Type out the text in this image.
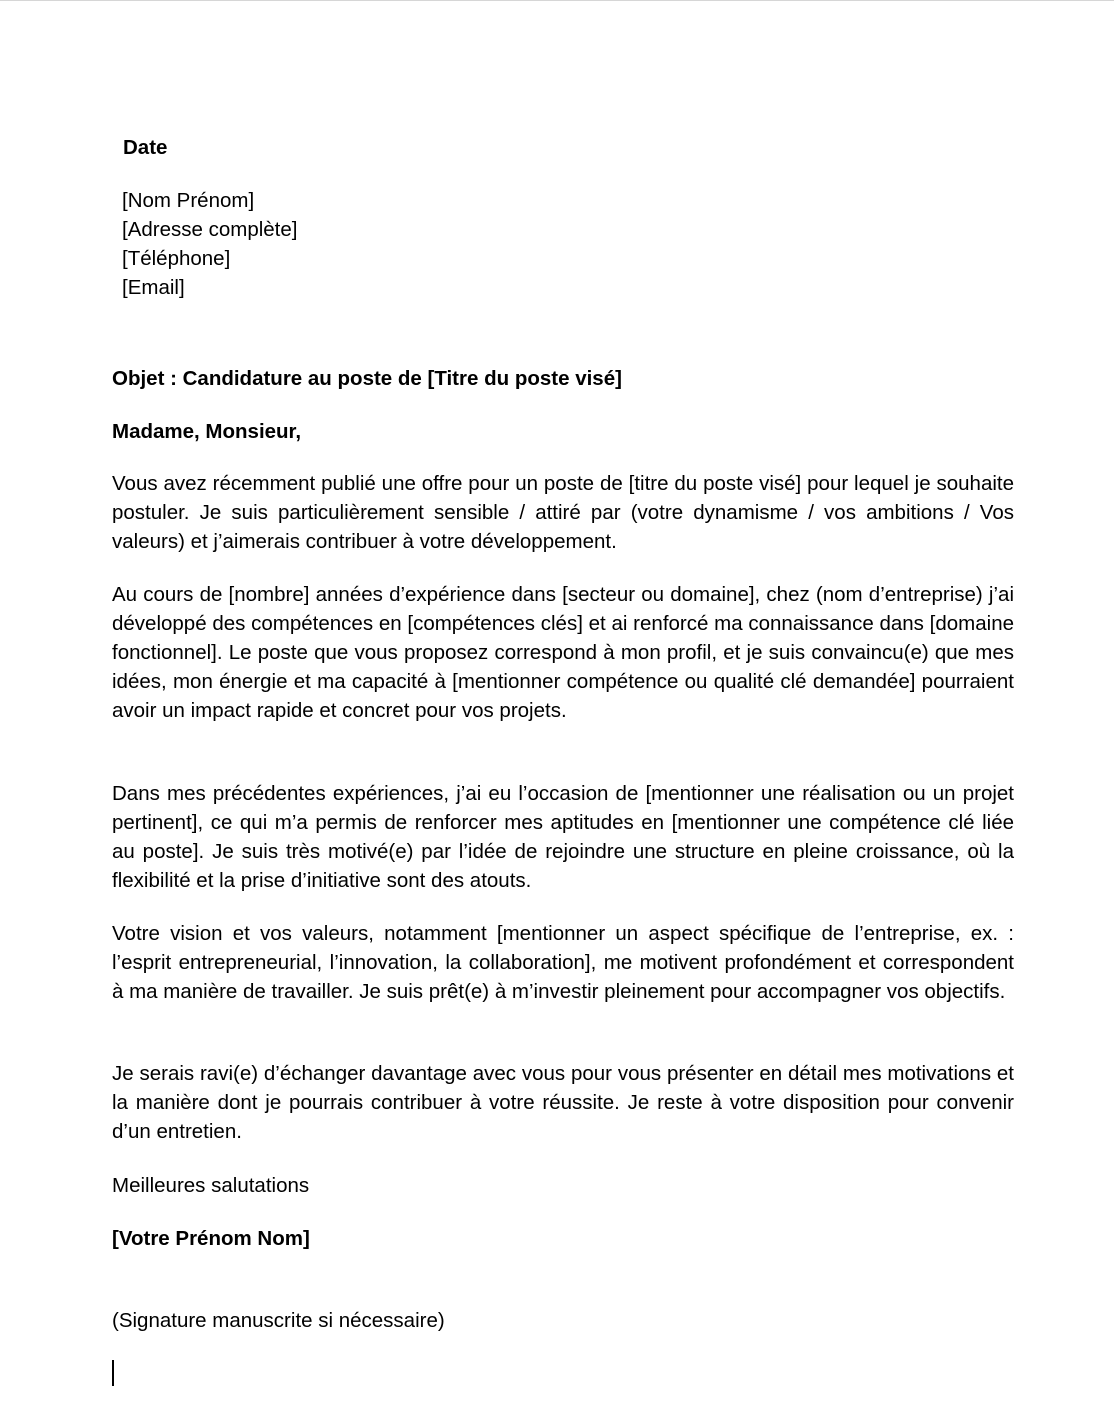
Date
[Nom Prénom]
[Adresse complète]
[Téléphone]
[Email]
Objet : Candidature au poste de [Titre du poste visé]
Madame, Monsieur,

Vous avez récemment publié une offre pour un poste de [titre du poste visé] pour lequel je souhaite postuler. Je suis particulièrement sensible / attiré par (votre dynamisme / vos ambitions / Vos valeurs) et j’aimerais contribuer à votre développement.

Au cours de [nombre] années d’expérience dans [secteur ou domaine], chez (nom d’entreprise) j’ai développé des compétences en [compétences clés] et ai renforcé ma connaissance dans [domaine fonctionnel]. Le poste que vous proposez correspond à mon profil, et je suis convaincu(e) que mes idées, mon énergie et ma capacité à [mentionner compétence ou qualité clé demandée] pourraient avoir un impact rapide et concret pour vos projets.

Dans mes précédentes expériences, j’ai eu l’occasion de [mentionner une réalisation ou un projet pertinent], ce qui m’a permis de renforcer mes aptitudes en [mentionner une compétence clé liée au poste]. Je suis très motivé(e) par l’idée de rejoindre une structure en pleine croissance, où la flexibilité et la prise d’initiative sont des atouts.

Votre vision et vos valeurs, notamment [mentionner un aspect spécifique de l’entreprise, ex. : l’esprit entrepreneurial, l’innovation, la collaboration], me motivent profondément et correspondent à ma manière de travailler. Je suis prêt(e) à m’investir pleinement pour accompagner vos objectifs.

Je serais ravi(e) d’échanger davantage avec vous pour vous présenter en détail mes motivations et la manière dont je pourrais contribuer à votre réussite. Je reste à votre disposition pour convenir d’un entretien.

Meilleures salutations
[Votre Prénom Nom]
(Signature manuscrite si nécessaire)
